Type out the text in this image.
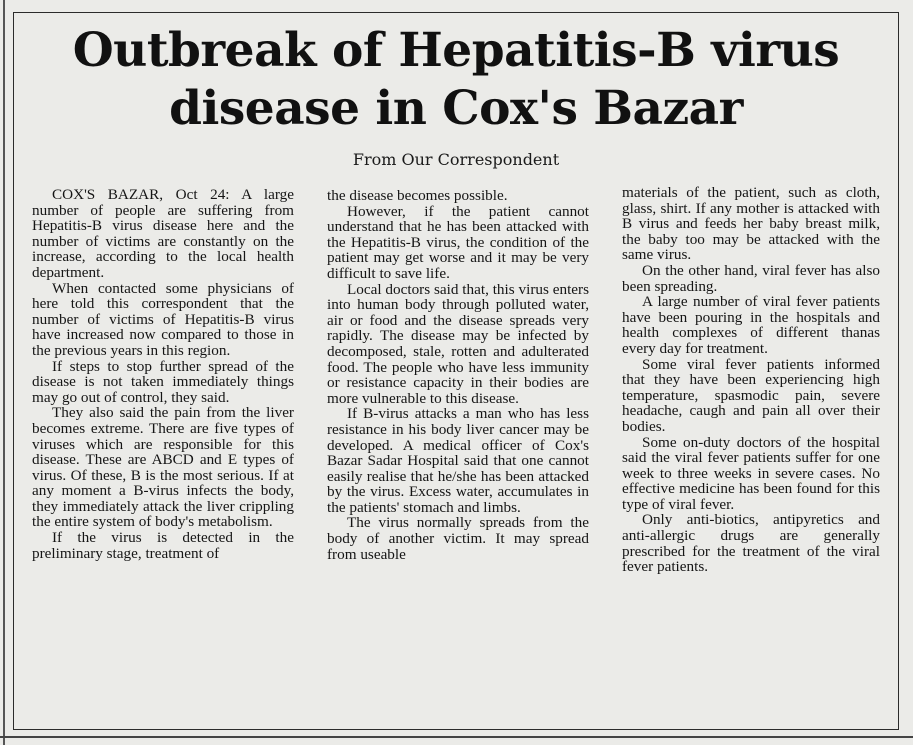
Outbreak of Hepatitis-B virus disease in Cox's Bazar
From Our Correspondent

COX'S BAZAR, Oct 24: A large number of people are suffering from Hepatitis-B virus disease here and the number of victims are constantly on the increase, according to the local health department.

When contacted some physicians of here told this correspondent that the number of victims of Hepatitis-B virus have increased now compared to those in the previous years in this region.

If steps to stop further spread of the disease is not taken immediately things may go out of control, they said.

They also said the pain from the liver becomes extreme. There are five types of viruses which are responsible for this disease. These are ABCD and E types of virus. Of these, B is the most serious. If at any moment a B-virus infects the body, they immediately attack the liver crippling the entire system of body's metabolism.

If the virus is detected in the preliminary stage, treatment of

the disease becomes possible.

However, if the patient cannot understand that he has been attacked with the Hepatitis-B virus, the condition of the patient may get worse and it may be very difficult to save life.

Local doctors said that, this virus enters into human body through polluted water, air or food and the disease spreads very rapidly. The disease may be infected by decomposed, stale, rotten and adulterated food. The people who have less immunity or resistance capacity in their bodies are more vulnerable to this disease.

If B-virus attacks a man who has less resistance in his body liver cancer may be developed. A medical officer of Cox's Bazar Sadar Hospital said that one cannot easily realise that he/she has been attacked by the virus. Excess water, accumulates in the patients' stomach and limbs.

The virus normally spreads from the body of another victim. It may spread from useable

materials of the patient, such as cloth, glass, shirt. If any mother is attacked with B virus and feeds her baby breast milk, the baby too may be attacked with the same virus.

On the other hand, viral fever has also been spreading.

A large number of viral fever patients have been pouring in the hospitals and health complexes of different thanas every day for treatment.

Some viral fever patients informed that they have been experiencing high temperature, spasmodic pain, severe headache, caugh and pain all over their bodies.

Some on-duty doctors of the hospital said the viral fever patients suffer for one week to three weeks in severe cases. No effective medicine has been found for this type of viral fever.

Only anti-biotics, antipyretics and anti-allergic drugs are generally prescribed for the treatment of the viral fever patients.
